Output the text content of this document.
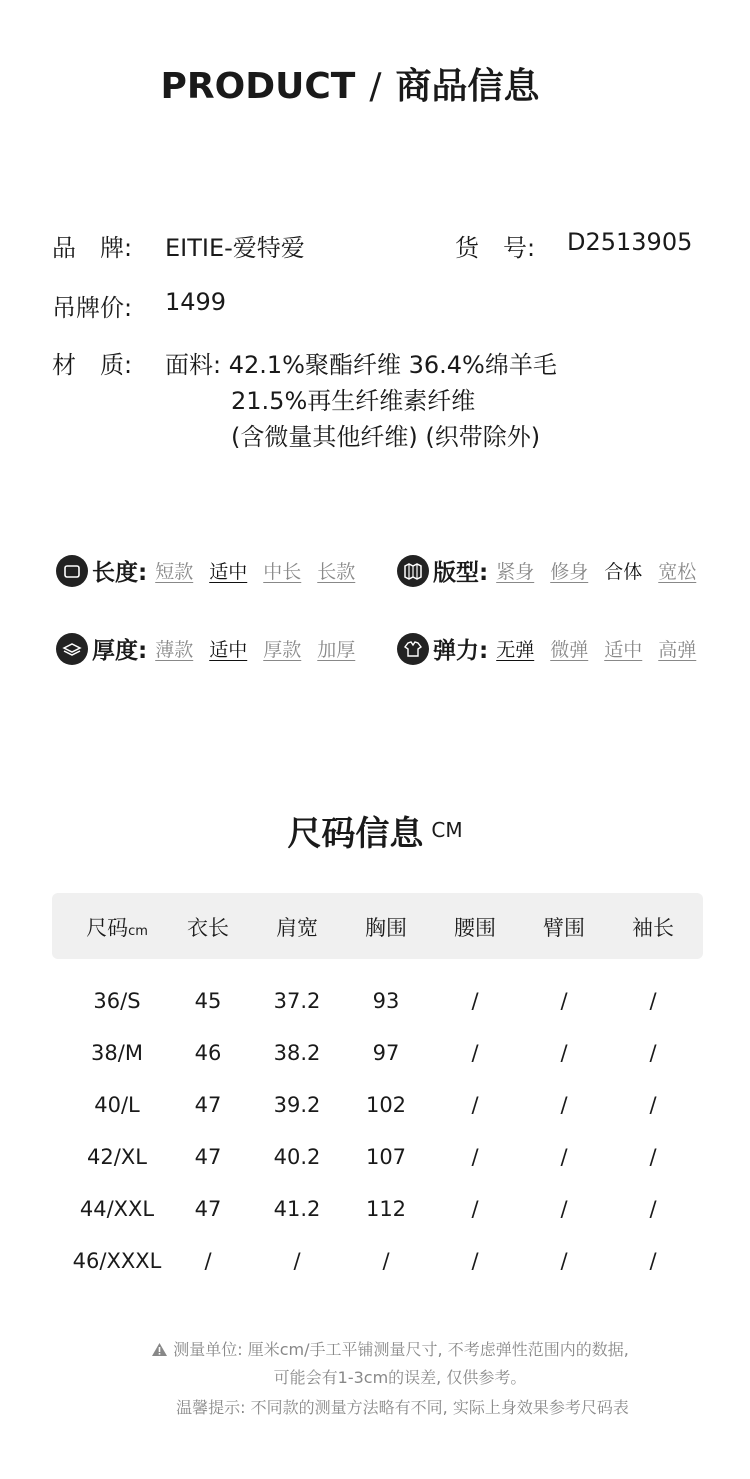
PRODUCT / 商品信息
品　牌: EITIE-爱特爱	货　号: D2513905
吊牌价: 1499
材　质: 面料: 42.1%聚酯纤维 36.4%绵羊毛
21.5%再生纤维素纤维
(含微量其他纤维) (织带除外)
长度: 短款 适中 中长 长款	版型: 紧身 修身 合体 宽松
厚度: 薄款 适中 厚款 加厚	弹力: 无弹 微弹 适中 高弹
尺码信息 $^{CM}$
尺码cm	衣长	肩宽	胸围	腰围	臂围	袖长
36/S	45	37.2	93	/	/	/
38/M	46	38.2	97	/	/	/
40/L	47	39.2	102	/	/	/
42/XL	47	40.2	107	/	/	/
44/XXL	47	41.2	112	/	/	/
46/XXXL	/	/	/	/	/	/
测量单位: 厘米cm/手工平铺测量尺寸, 不考虑弹性范围内的数据,
可能会有1-3cm的误差, 仅供参考。
温馨提示: 不同款的测量方法略有不同, 实际上身效果参考尺码表
